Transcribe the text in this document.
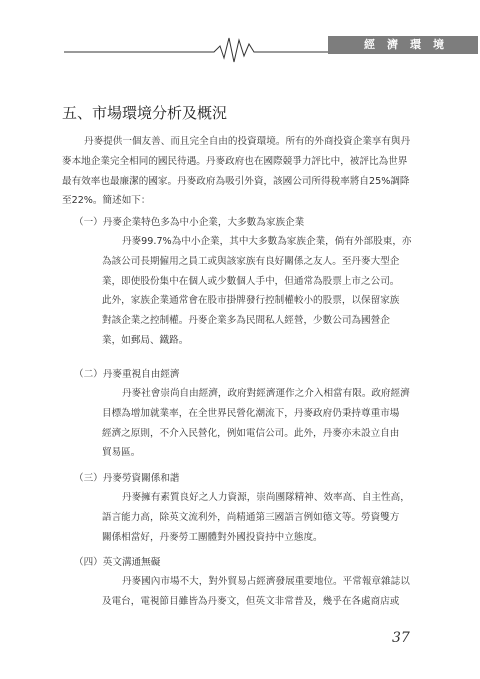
經濟環境
五、市場環境分析及概況
丹麥提供一個友善、而且完全自由的投資環境。所有的外商投資企業享有與丹
麥本地企業完全相同的國民待遇。丹麥政府也在國際競爭力評比中，被評比為世界
最有效率也最廉潔的國家。丹麥政府為吸引外資，該國公司所得稅率將自25%調降
至22%。簡述如下：
（一）丹麥企業特色多為中小企業，大多數為家族企業
丹麥99.7%為中小企業，其中大多數為家族企業，倘有外部股東，亦
為該公司長期僱用之員工或與該家族有良好關係之友人。至丹麥大型企
業，即使股份集中在個人或少數個人手中，但通常為股票上市之公司。
此外，家族企業通常會在股市掛牌發行控制權較小的股票，以保留家族
對該企業之控制權。丹麥企業多為民間私人經營，少數公司為國營企
業，如郵局、鐵路。
（二）丹麥重視自由經濟
丹麥社會崇尚自由經濟，政府對經濟運作之介入相當有限。政府經濟
目標為增加就業率，在全世界民營化潮流下，丹麥政府仍秉持尊重市場
經濟之原則，不介入民營化，例如電信公司。此外，丹麥亦未設立自由
貿易區。
（三）丹麥勞資關係和諧
丹麥擁有素質良好之人力資源，崇尚團隊精神、效率高、自主性高，
語言能力高，除英文流利外，尚精通第三國語言例如德文等。勞資雙方
關係相當好，丹麥勞工團體對外國投資持中立態度。
（四）英文溝通無礙
丹麥國內市場不大，對外貿易占經濟發展重要地位。平常報章雜誌以
及電台，電視節目雖皆為丹麥文，但英文非常普及，幾乎在各處商店或
37
